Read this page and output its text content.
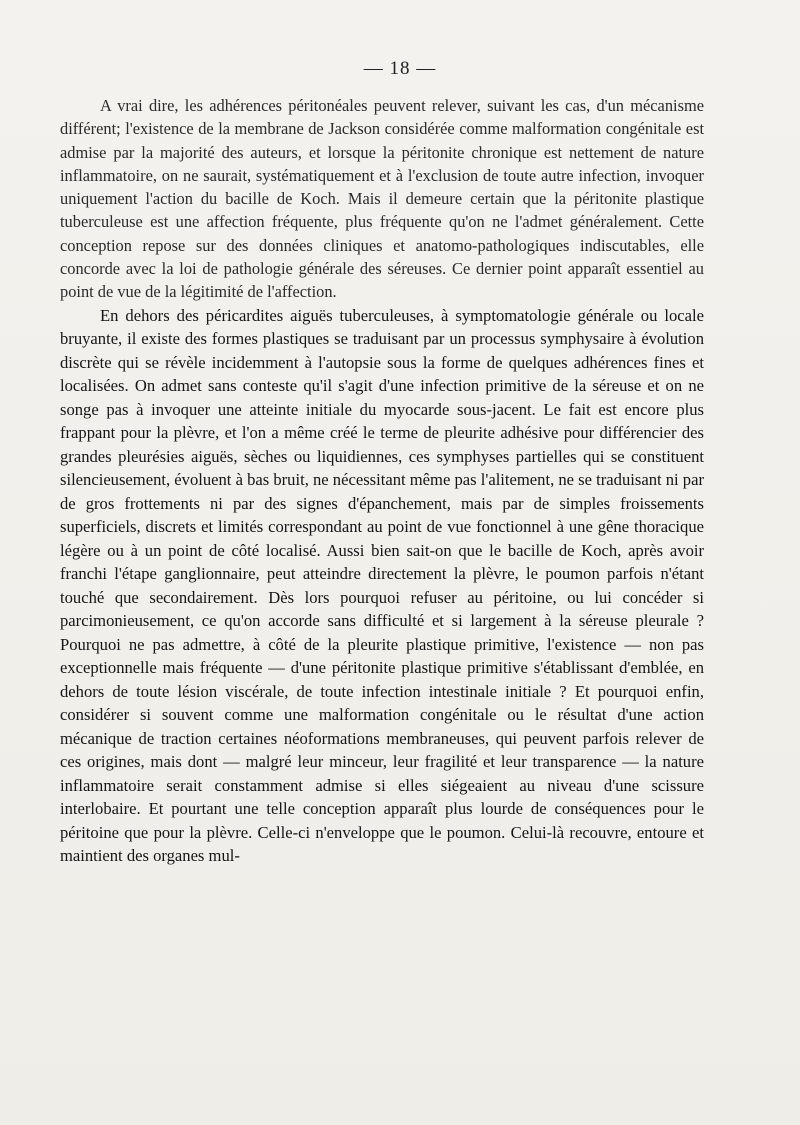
— 18 —

A vrai dire, les adhérences péritonéales peuvent relever, suivant les cas, d'un mécanisme différent; l'existence de la membrane de Jackson considérée comme malformation congénitale est admise par la majorité des auteurs, et lorsque la péritonite chronique est nettement de nature inflammatoire, on ne saurait, systématiquement et à l'exclusion de toute autre infection, invoquer uniquement l'action du bacille de Koch. Mais il demeure certain que la péritonite plastique tuberculeuse est une affection fréquente, plus fréquente qu'on ne l'admet généralement. Cette conception repose sur des données cliniques et anatomo-pathologiques indiscutables, elle concorde avec la loi de pathologie générale des séreuses. Ce dernier point apparaît essentiel au point de vue de la légitimité de l'affection.

En dehors des péricardites aiguës tuberculeuses, à symptomatologie générale ou locale bruyante, il existe des formes plastiques se traduisant par un processus symphysaire à évolution discrète qui se révèle incidemment à l'autopsie sous la forme de quelques adhérences fines et localisées. On admet sans conteste qu'il s'agit d'une infection primitive de la séreuse et on ne songe pas à invoquer une atteinte initiale du myocarde sous-jacent. Le fait est encore plus frappant pour la plèvre, et l'on a même créé le terme de pleurite adhésive pour différencier des grandes pleurésies aiguës, sèches ou liquidiennes, ces symphyses partielles qui se constituent silencieusement, évoluent à bas bruit, ne nécessitant même pas l'alitement, ne se traduisant ni par de gros frottements ni par des signes d'épanchement, mais par de simples froissements superficiels, discrets et limités correspondant au point de vue fonctionnel à une gêne thoracique légère ou à un point de côté localisé. Aussi bien sait-on que le bacille de Koch, après avoir franchi l'étape ganglionnaire, peut atteindre directement la plèvre, le poumon parfois n'étant touché que secondairement. Dès lors pourquoi refuser au péritoine, ou lui concéder si parcimonieusement, ce qu'on accorde sans difficulté et si largement à la séreuse pleurale ? Pourquoi ne pas admettre, à côté de la pleurite plastique primitive, l'existence — non pas exceptionnelle mais fréquente — d'une péritonite plastique primitive s'établissant d'emblée, en dehors de toute lésion viscérale, de toute infection intestinale initiale ? Et pourquoi enfin, considérer si souvent comme une malformation congénitale ou le résultat d'une action mécanique de traction certaines néoformations membraneuses, qui peuvent parfois relever de ces origines, mais dont — malgré leur minceur, leur fragilité et leur transparence — la nature inflammatoire serait constamment admise si elles siégeaient au niveau d'une scissure interlobaire. Et pourtant une telle conception apparaît plus lourde de conséquences pour le péritoine que pour la plèvre. Celle-ci n'enveloppe que le poumon. Celui-là recouvre, entoure et maintient des organes mul-
